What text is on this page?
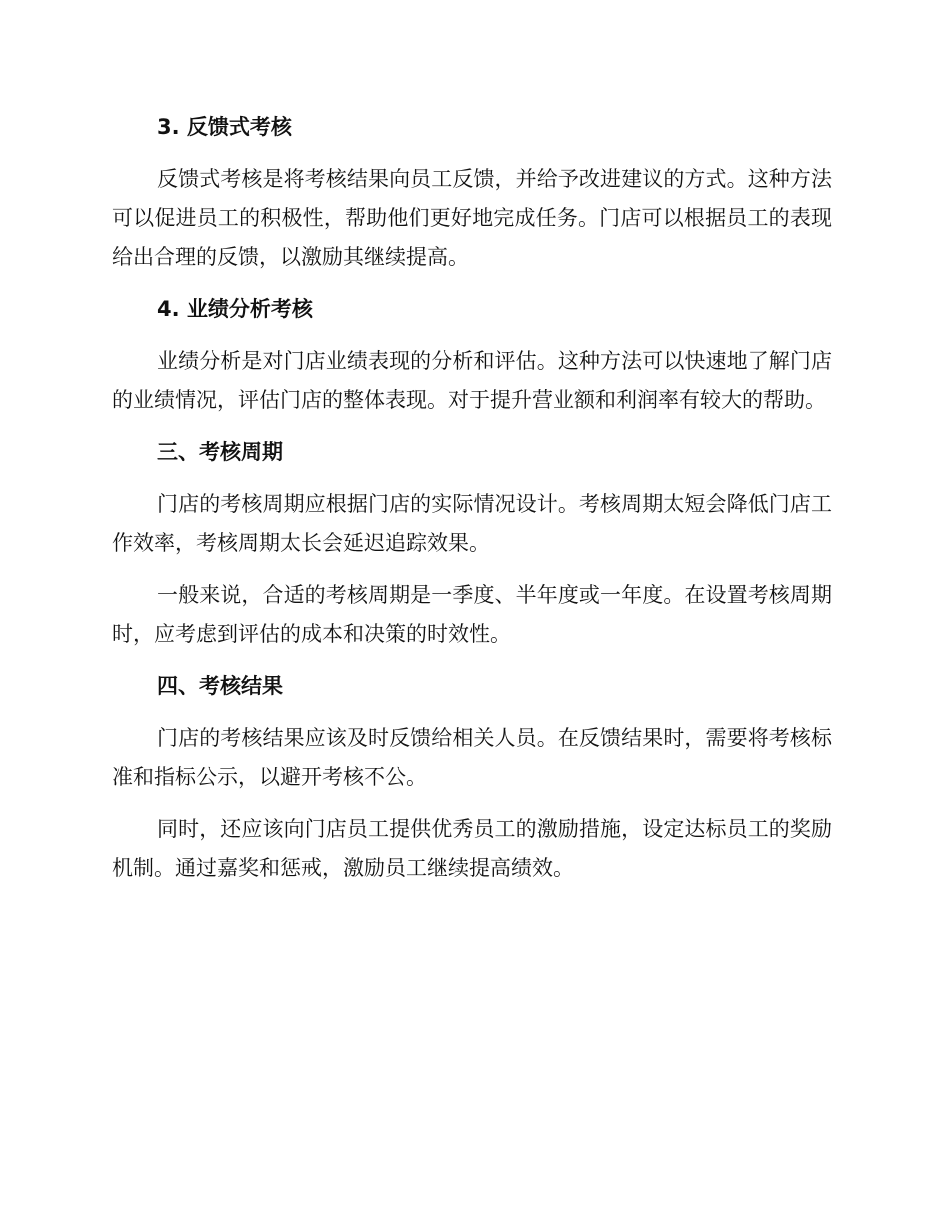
3. 反馈式考核

反馈式考核是将考核结果向员工反馈，并给予改进建议的方式。这种方法可以促进员工的积极性，帮助他们更好地完成任务。门店可以根据员工的表现给出合理的反馈，以激励其继续提高。

4. 业绩分析考核

业绩分析是对门店业绩表现的分析和评估。这种方法可以快速地了解门店的业绩情况，评估门店的整体表现。对于提升营业额和利润率有较大的帮助。

三、考核周期

门店的考核周期应根据门店的实际情况设计。考核周期太短会降低门店工作效率，考核周期太长会延迟追踪效果。

一般来说，合适的考核周期是一季度、半年度或一年度。在设置考核周期时，应考虑到评估的成本和决策的时效性。

四、考核结果

门店的考核结果应该及时反馈给相关人员。在反馈结果时，需要将考核标准和指标公示，以避开考核不公。

同时，还应该向门店员工提供优秀员工的激励措施，设定达标员工的奖励机制。通过嘉奖和惩戒，激励员工继续提高绩效。
